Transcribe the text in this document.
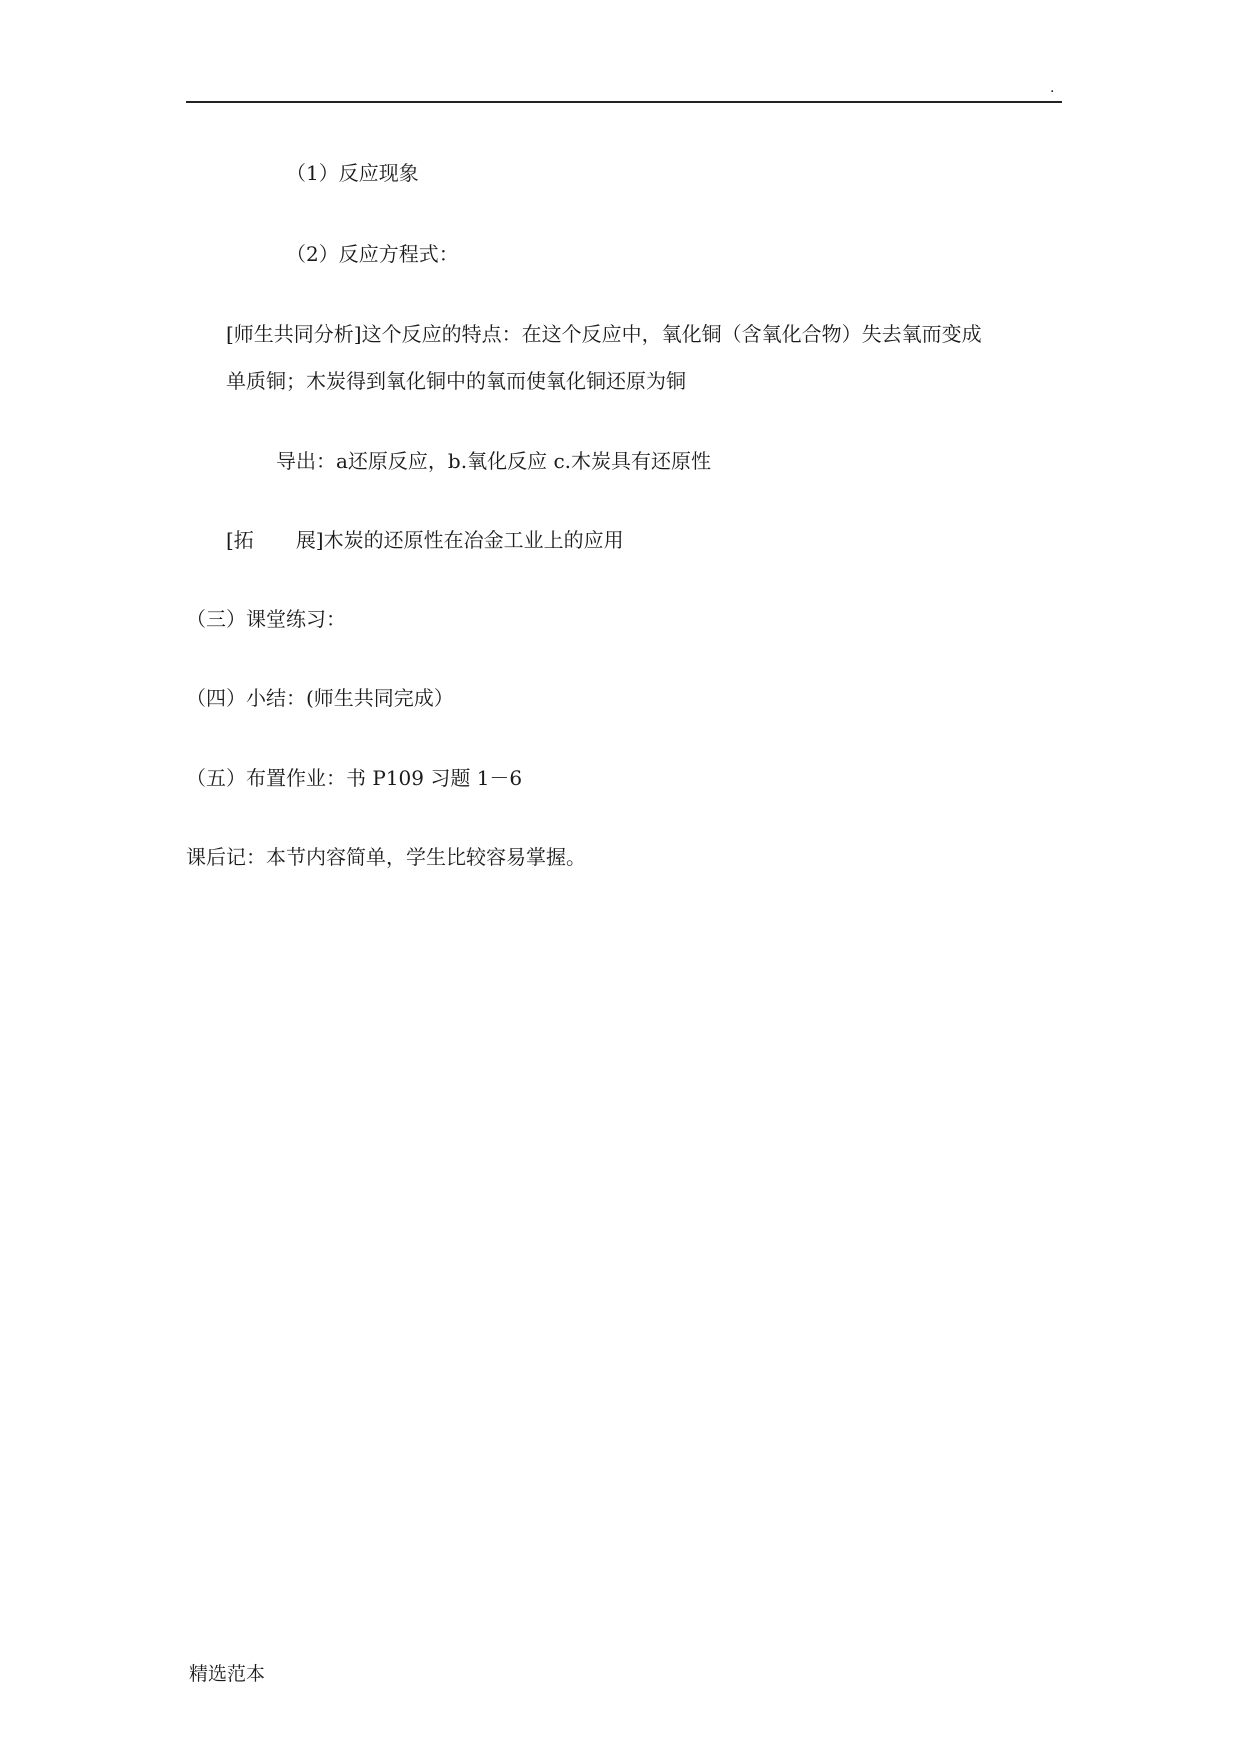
.
（1）反应现象
（2）反应方程式：
[师生共同分析]这个反应的特点：在这个反应中，氧化铜（含氧化合物）失去氧而变成
单质铜；木炭得到氧化铜中的氧而使氧化铜还原为铜
导出：a还原反应，b.氧化反应 c.木炭具有还原性
[拓 展]木炭的还原性在冶金工业上的应用
（三）课堂练习：
（四）小结：(师生共同完成）
（五）布置作业：书 P109 习题 1－6
课后记：本节内容简单，学生比较容易掌握。
精选范本
